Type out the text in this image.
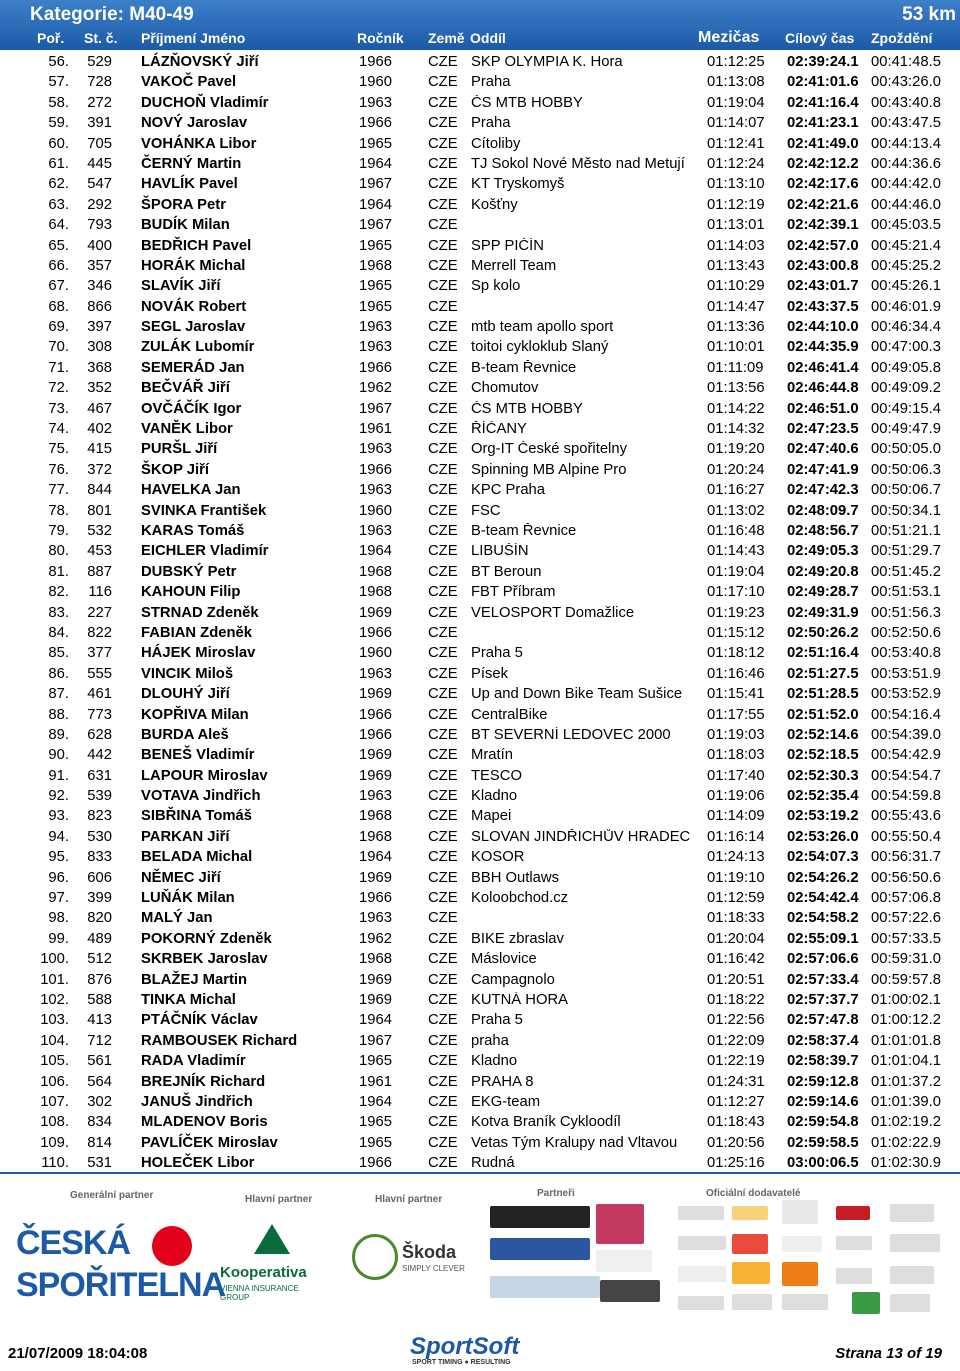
Kategorie: M40-49	53 km
Poř. St. č. Příjmení Jméno	Ročník Země Oddíl	Mezičas Cílový čas Zpoždění
56. 529 LÁZŇOVSKÝ Jiří	1966 CZE SKP OLYMPIA K. Hora	01:12:25 02:39:24.1 00:41:48.5
57. 728 VAKOČ Pavel	1960 CZE Praha	01:13:08 02:41:01.6 00:43:26.0
58. 272 DUCHOŇ Vladimír	1963 CZE ČS MTB HOBBY	01:19:04 02:41:16.4 00:43:40.8
59. 391 NOVÝ Jaroslav	1966 CZE Praha	01:14:07 02:41:23.1 00:43:47.5
60. 705 VOHÁNKA Libor	1965 CZE Cítoliby	01:12:41 02:41:49.0 00:44:13.4
61. 445 ČERNÝ Martin	1964 CZE TJ Sokol Nové Město nad Metují	01:12:24 02:42:12.2 00:44:36.6
62. 547 HAVLÍK Pavel	1967 CZE KT Tryskomyš	01:13:10 02:42:17.6 00:44:42.0
63. 292 ŠPORA Petr	1964 CZE Košťny	01:12:19 02:42:21.6 00:44:46.0
64. 793 BUDÍK Milan	1967 CZE	01:13:01 02:42:39.1 00:45:03.5
65. 400 BEDŘICH Pavel	1965 CZE SPP PIČÍN	01:14:03 02:42:57.0 00:45:21.4
66. 357 HORÁK Michal	1968 CZE Merrell Team	01:13:43 02:43:00.8 00:45:25.2
67. 346 SLAVÍK Jiří	1965 CZE Sp kolo	01:10:29 02:43:01.7 00:45:26.1
68. 866 NOVÁK Robert	1965 CZE	01:14:47 02:43:37.5 00:46:01.9
69. 397 SEGL Jaroslav	1963 CZE mtb team apollo sport	01:13:36 02:44:10.0 00:46:34.4
70. 308 ZULÁK Lubomír	1963 CZE toitoi cykloklub Slaný	01:10:01 02:44:35.9 00:47:00.3
71. 368 SEMERÁD Jan	1966 CZE B-team Řevnice	01:11:09 02:46:41.4 00:49:05.8
72. 352 BEČVÁŘ Jiří	1962 CZE Chomutov	01:13:56 02:46:44.8 00:49:09.2
73. 467 OVČÁČÍK Igor	1967 CZE ČS MTB HOBBY	01:14:22 02:46:51.0 00:49:15.4
74. 402 VANĚK Libor	1961 CZE ŘÍČANY	01:14:32 02:47:23.5 00:49:47.9
75. 415 PURŠL Jiří	1963 CZE Org-IT České spořitelny	01:19:20 02:47:40.6 00:50:05.0
76. 372 ŠKOP Jiří	1966 CZE Spinning MB Alpine Pro	01:20:24 02:47:41.9 00:50:06.3
77. 844 HAVELKA Jan	1963 CZE KPC Praha	01:16:27 02:47:42.3 00:50:06.7
78. 801 SVINKA František	1960 CZE FSC	01:13:02 02:48:09.7 00:50:34.1
79. 532 KARAS Tomáš	1963 CZE B-team Řevnice	01:16:48 02:48:56.7 00:51:21.1
80. 453 EICHLER Vladimír	1964 CZE LIBUŠÍN	01:14:43 02:49:05.3 00:51:29.7
81. 887 DUBSKÝ Petr	1968 CZE BT Beroun	01:19:04 02:49:20.8 00:51:45.2
82. 116 KAHOUN Filip	1968 CZE FBT Příbram	01:17:10 02:49:28.7 00:51:53.1
83. 227 STRNAD Zdeněk	1969 CZE VELOSPORT Domažlice	01:19:23 02:49:31.9 00:51:56.3
84. 822 FABIAN Zdeněk	1966 CZE	01:15:12 02:50:26.2 00:52:50.6
85. 377 HÁJEK Miroslav	1960 CZE Praha 5	01:18:12 02:51:16.4 00:53:40.8
86. 555 VINCIK Miloš	1963 CZE Písek	01:16:46 02:51:27.5 00:53:51.9
87. 461 DLOUHÝ Jiří	1969 CZE Up and Down Bike Team Sušice	01:15:41 02:51:28.5 00:53:52.9
88. 773 KOPŘIVA Milan	1966 CZE CentralBike	01:17:55 02:51:52.0 00:54:16.4
89. 628 BURDA Aleš	1966 CZE BT SEVERNÍ LEDOVEC 2000	01:19:03 02:52:14.6 00:54:39.0
90. 442 BENEŠ Vladimír	1969 CZE Mratín	01:18:03 02:52:18.5 00:54:42.9
91. 631 LAPOUR Miroslav	1969 CZE TESCO	01:17:40 02:52:30.3 00:54:54.7
92. 539 VOTAVA Jindřich	1963 CZE Kladno	01:19:06 02:52:35.4 00:54:59.8
93. 823 SIBŘINA Tomáš	1968 CZE Mapei	01:14:09 02:53:19.2 00:55:43.6
94. 530 PARKAN Jiří	1968 CZE SLOVAN JINDŘICHŮV HRADEC 01:16:14 02:53:26.0 00:55:50.4
95. 833 BELADA Michal	1964 CZE KOSOR	01:24:13 02:54:07.3 00:56:31.7
96. 606 NĚMEC Jiří	1969 CZE BBH Outlaws	01:19:10 02:54:26.2 00:56:50.6
97. 399 LUŇÁK Milan	1966 CZE Koloobchod.cz	01:12:59 02:54:42.4 00:57:06.8
98. 820 MALÝ Jan	1963 CZE	01:18:33 02:54:58.2 00:57:22.6
99. 489 POKORNÝ Zdeněk	1962 CZE BIKE zbraslav	01:20:04 02:55:09.1 00:57:33.5
100. 512 SKRBEK Jaroslav	1968 CZE Máslovice	01:16:42 02:57:06.6 00:59:31.0
101. 876 BLAŽEJ Martin	1969 CZE Campagnolo	01:20:51 02:57:33.4 00:59:57.8
102. 588 TINKA Michal	1969 CZE KUTNÁ HORA	01:18:22 02:57:37.7 01:00:02.1
103. 413 PTÁČNÍK Václav	1964 CZE Praha 5	01:22:56 02:57:47.8 01:00:12.2
104. 712 RAMBOUSEK Richard	1967 CZE praha	01:22:09 02:58:37.4 01:01:01.8
105. 561 RADA Vladimír	1965 CZE Kladno	01:22:19 02:58:39.7 01:01:04.1
106. 564 BREJNÍK Richard	1961 CZE PRAHA 8	01:24:31 02:59:12.8 01:01:37.2
107. 302 JANUŠ Jindřich	1964 CZE EKG-team	01:12:27 02:59:14.6 01:01:39.0
108. 834 MLADENOV Boris	1965 CZE Kotva Braník Cykloodíl	01:18:43 02:59:54.8 01:02:19.2
109. 814 PAVLÍČEK Miroslav	1965 CZE Vetas Tým Kralupy nad Vltavou	01:20:56 02:59:58.5 01:02:22.9
110. 531 HOLEČEK Libor	1966 CZE Rudná	01:25:16 03:00:06.5 01:02:30.9
Generální partner	Hlavní partner	Hlavní partner
Partneři	Oficiální dodavatelé
ČESKÁ
SPOŘITELNA
Kooperativa
VIENNA INSURANCE GROUP
Škoda
SIMPLY CLEVER
21/07/2009 18:04:08	SportSoft
SPORT TIMING ● RESULTING
Strana 13 of 19
